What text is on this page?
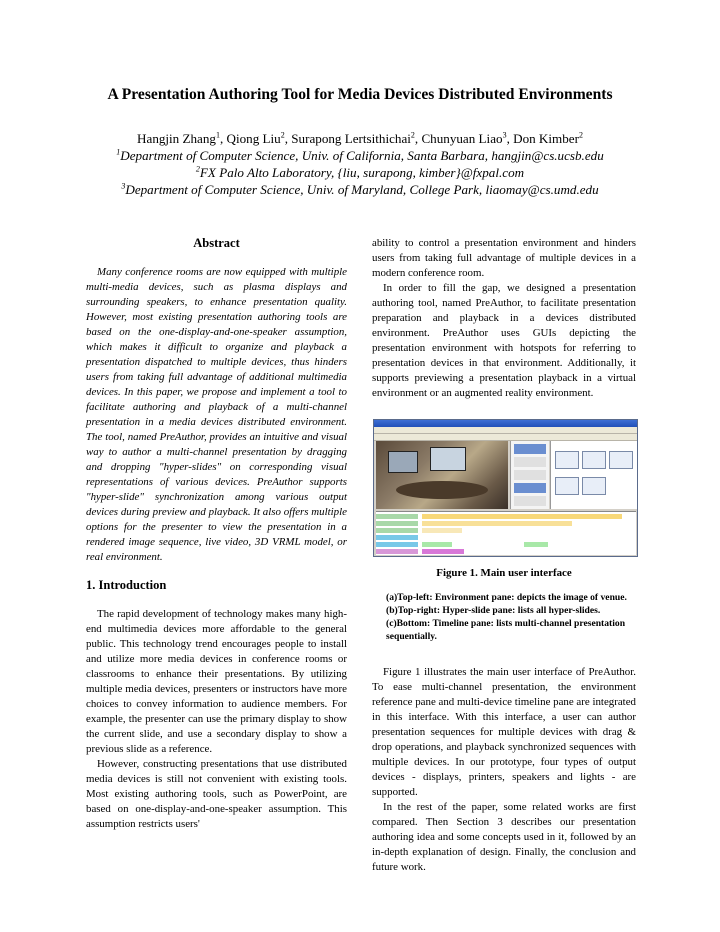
A Presentation Authoring Tool for Media Devices Distributed Environments
Hangjin Zhang$^1$, Qiong Liu$^2$, Surapong Lertsithichai$^2$, Chunyuan Liao$^3$, Don Kimber$^2$
$^1$Department of Computer Science, Univ. of California, Santa Barbara, hangjin@cs.ucsb.edu
$^2$FX Palo Alto Laboratory, {liu, surapong, kimber}@fxpal.com
$^3$Department of Computer Science, Univ. of Maryland, College Park, liaomay@cs.umd.edu
Abstract

Many conference rooms are now equipped with multiple multi-media devices, such as plasma displays and surrounding speakers, to enhance presentation quality. However, most existing presentation authoring tools are based on the one-display-and-one-speaker assumption, which makes it difficult to organize and playback a presentation dispatched to multiple devices, thus hinders users from taking full advantage of additional multimedia devices. In this paper, we propose and implement a tool to facilitate authoring and playback of a multi-channel presentation in a media devices distributed environment. The tool, named PreAuthor, provides an intuitive and visual way to author a multi-channel presentation by dragging and dropping "hyper-slides" on corresponding visual representations of various devices. PreAuthor supports "hyper-slide" synchronization among various output devices during preview and playback. It also offers multiple options for the presenter to view the presentation in a rendered image sequence, live video, 3D VRML model, or real environment.

1. Introduction

The rapid development of technology makes many high-end multimedia devices more affordable to the general public. This technology trend encourages people to install and utilize more media devices in conference rooms or classrooms to enhance their presentations. By utilizing multiple media devices, presenters or instructors have more choices to convey information to audience members. For example, the presenter can use the primary display to show the current slide, and use a secondary display to show a previous slide as a reference.

However, constructing presentations that use distributed media devices is still not convenient with existing tools. Most existing authoring tools, such as PowerPoint, are based on one-display-and-one-speaker assumption. This assumption restricts users'

ability to control a presentation environment and hinders users from taking full advantage of multiple devices in a modern conference room.

In order to fill the gap, we designed a presentation authoring tool, named PreAuthor, to facilitate presentation preparation and playback in a devices distributed environment. PreAuthor uses GUIs depicting the presentation environment with hotspots for referring to presentation devices in that environment. Additionally, it supports previewing a presentation playback in a virtual environment or an augmented reality environment.

Figure 1. Main user interface
(a)Top-left: Environment pane: depicts the image of venue. (b)Top-right: Hyper-slide pane: lists all hyper-slides. (c)Bottom: Timeline pane: lists multi-channel presentation sequentially.

Figure 1 illustrates the main user interface of PreAuthor. To ease multi-channel presentation, the environment reference pane and multi-device timeline pane are integrated in this interface. With this interface, a user can author presentation sequences for multiple devices with drag & drop operations, and playback synchronized sequences with multiple devices. In our prototype, four types of output devices - displays, printers, speakers and lights - are supported.

In the rest of the paper, some related works are first compared. Then Section 3 describes our presentation authoring idea and some concepts used in it, followed by an in-depth explanation of design. Finally, the conclusion and future work.
